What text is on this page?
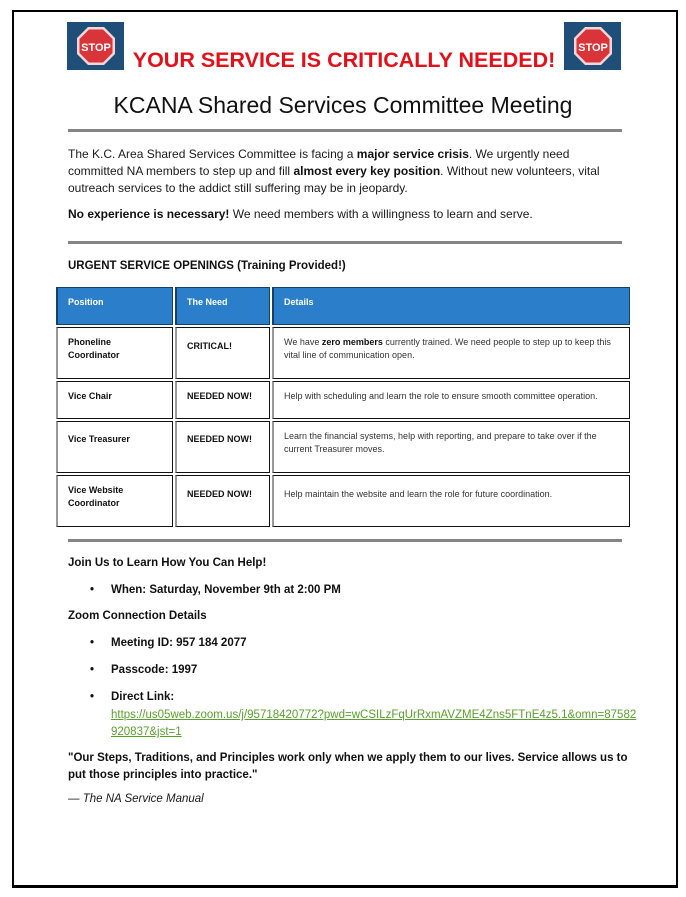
STOP YOUR SERVICE IS CRITICALLY NEEDED!	STOP
KCANA Shared Services Committee Meeting
The K.C. Area Shared Services Committee is facing a major service crisis. We urgently need committed NA members to step up and fill almost every key position. Without new volunteers, vital outreach services to the addict still suffering may be in jeopardy.
No experience is necessary! We need members with a willingness to learn and serve.
URGENT SERVICE OPENINGS (Training Provided!)
Position	The Need	Details
Phoneline Coordinator	CRITICAL!	We have zero members currently trained. We need people to step up to keep this vital line of communication open.
Vice Chair	NEEDED NOW!	Help with scheduling and learn the role to ensure smooth committee operation.

Vice Treasurer	NEEDED NOW!	Learn the financial systems, help with reporting, and prepare to take over if the current Treasurer moves.
Vice Website Coordinator	NEEDED NOW!	Help maintain the website and learn the role for future coordination.
Join Us to Learn How You Can Help!
• When: Saturday, November 9th at 2:00 PM
Zoom Connection Details
• Meeting ID: 957 184 2077
• Passcode: 1997
• Direct Link:
https://us05web.zoom.us/j/95718420772?pwd=wCSILzFqUrRxmAVZME4Zns5FTnE4z5.1&omn=87582920837&jst=1
"Our Steps, Traditions, and Principles work only when we apply them to our lives. Service allows us to put those principles into practice."
— The NA Service Manual
